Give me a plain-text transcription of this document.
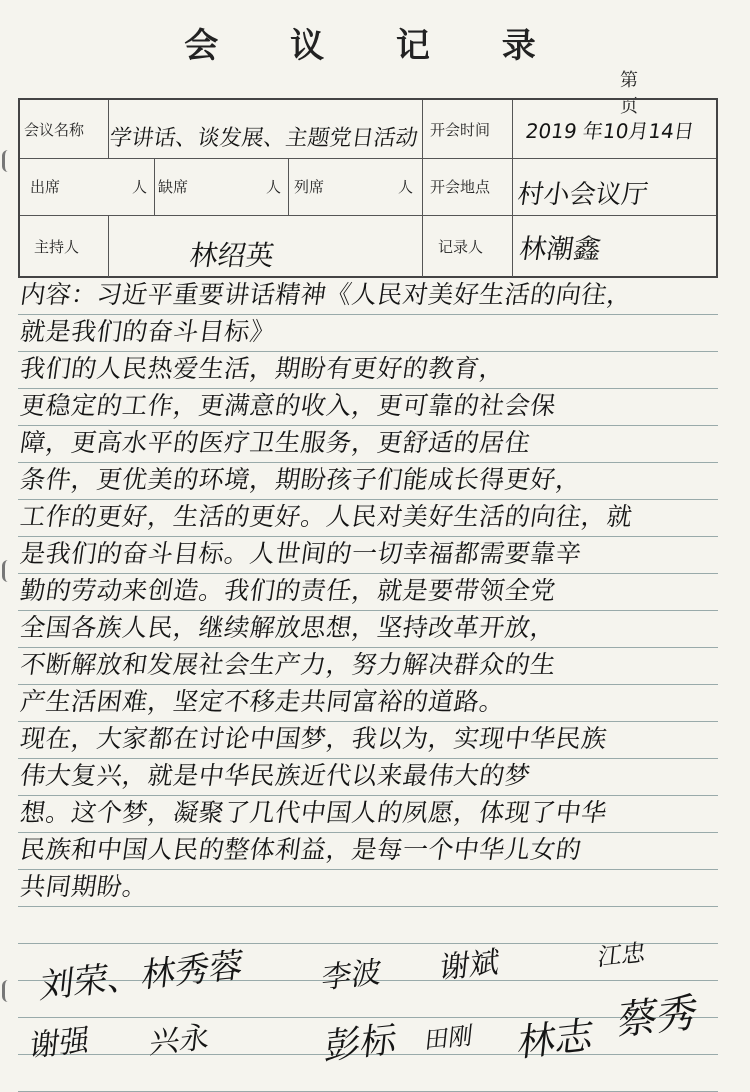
会 议 记 录
第 页
会议名称	学讲话、谈发展、主题党日活动 开会时间	2019 年10月14日
出席	人 缺席	人 列席	人	开会地点 村小会议厅
主持人	林绍英	记录人	林潮鑫
内容：习近平重要讲话精神《人民对美好生活的向往，
就是我们的奋斗目标》
我们的人民热爱生活，期盼有更好的教育，
更稳定的工作，更满意的收入，更可靠的社会保
障，更高水平的医疗卫生服务，更舒适的居住
条件，更优美的环境，期盼孩子们能成长得更好，
工作的更好，生活的更好。人民对美好生活的向往，就
是我们的奋斗目标。人世间的一切幸福都需要靠辛
勤的劳动来创造。我们的责任，就是要带领全党
全国各族人民，继续解放思想，坚持改革开放，
不断解放和发展社会生产力，努力解决群众的生
产生活困难，坚定不移走共同富裕的道路。
现在，大家都在讨论中国梦，我以为，实现中华民族
伟大复兴，就是中华民族近代以来最伟大的梦
想。这个梦，凝聚了几代中国人的夙愿，体现了中华
民族和中国人民的整体利益，是每一个中华儿女的
共同期盼。
刘荣、林秀蓉 李波 谢斌	江忠
谢强 兴永	彭标 田刚 林志 蔡秀
